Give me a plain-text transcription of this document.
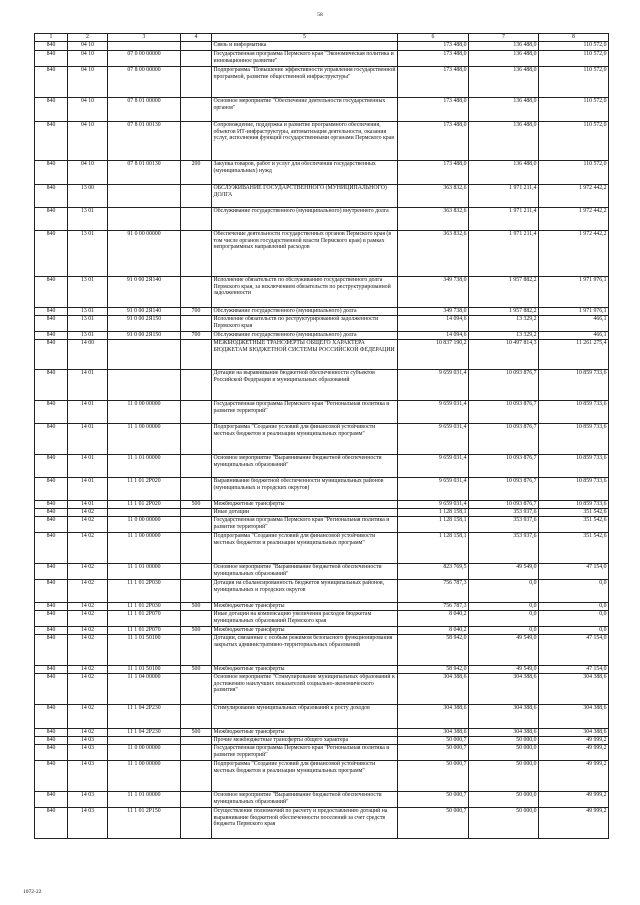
58
1	2	3	4	5	6	7	8
840	04 10			Связь и информатика	173 488,0	136 488,0	110 572,0
840	04 10	07 0 00 00000		Государственная программа Пермского края "Экономическая политика и инновационное развитие"	173 488,0	136 488,0	110 572,0
840	04 10	07 8 00 00000		Подпрограмма "Повышение эффективности управления государственной программой, развитие общественной инфраструктуры"	173 488,0	136 488,0	110 572,0
840	04 10	07 8 01 00000		Основное мероприятие "Обеспечение деятельности государственных органов"	173 488,0	136 488,0	110 572,0
840	04 10	07 8 01 00130		Сопровождение, поддержка и развитие программного обеспечения, объектов ИТ-инфраструктуры, автоматизация деятельности, оказания услуг, исполнения функций государственными органами Пермского края	173 488,0	136 488,0	110 572,0
840	04 10	07 8 01 00130	200	Закупка товаров, работ и услуг для обеспечения государственных (муниципальных) нужд	173 488,0	136 488,0	110 572,0
840	13 00			ОБСЛУЖИВАНИЕ ГОСУДАРСТВЕННОГО (МУНИЦИПАЛЬНОГО) ДОЛГА	363 832,6	1 971 211,4	1 972 442,2
840	13 01			Обслуживание государственного (муниципального) внутреннего долга	363 832,6	1 971 211,4	1 972 442,2
840	13 01	91 0 00 00000		Обеспечение деятельности государственных органов Пермского края (в том числе органов государственной власти Пермского края) в рамках непрограммных направлений расходов	363 832,6	1 971 211,4	1 972 442,2
840	13 01	91 0 00 2Я140		Исполнение обязательств по обслуживанию государственного долга Пермского края, за исключением обязательств по реструктурированной задолженности	349 738,0	1 957 882,2	1 971 976,1
840	13 01	91 0 00 2Я140	700	Обслуживание государственного (муниципального) долга	349 738,0	1 957 882,2	1 971 976,1
840	13 01	91 0 00 2Я150		Исполнение обязательств по реструктурированной задолженности Пермского края	14 094,6	13 329,2	466,1
840	13 01	91 0 00 2Я150	700	Обслуживание государственного (муниципального) долга	14 094,6	13 329,2	466,1
840	14 00			МЕЖБЮДЖЕТНЫЕ ТРАНСФЕРТЫ ОБЩЕГО ХАРАКТЕРА БЮДЖЕТАМ БЮДЖЕТНОЙ СИСТЕМЫ РОССИЙСКОЙ ФЕДЕРАЦИИ	10 837 190,2	10 497 814,3	11 261 275,4
840	14 01			Дотации на выравнивание бюджетной обеспеченности субъектов Российской Федерации и муниципальных образований	9 659 031,4	10 093 876,7	10 859 733,6
840	14 01	11 0 00 00000		Государственная программа Пермского края "Региональная политика и развитие территорий"	9 659 031,4	10 093 876,7	10 859 733,6
840	14 01	11 1 00 00000		Подпрограмма "Создание условий для финансовой устойчивости местных бюджетов и реализации муниципальных программ"	9 659 031,4	10 093 876,7	10 859 733,6
840	14 01	11 1 01 00000		Основное мероприятие "Выравнивание бюджетной обеспеченности муниципальных образований"	9 659 031,4	10 093 876,7	10 859 733,6
840	14 01	11 1 01 2Р020		Выравнивание бюджетной обеспеченности муниципальных районов (муниципальных и городских округов)	9 659 031,4	10 093 876,7	10 859 733,6
840	14 01	11 1 01 2Р020	500	Межбюджетные трансферты	9 659 031,4	10 093 876,7	10 859 733,6
840	14 02			Иные дотации	1 128 158,1	353 937,6	351 542,6
840	14 02	11 0 00 00000		Государственная программа Пермского края "Региональная политика и развитие территорий"	1 128 158,1	353 937,6	351 542,6
840	14 02	11 1 00 00000		Подпрограмма "Создание условий для финансовой устойчивости местных бюджетов и реализации муниципальных программ"	1 128 158,1	353 937,6	351 542,6
840	14 02	11 1 01 00000		Основное мероприятие "Выравнивание бюджетной обеспеченности муниципальных образований"	823 769,5	49 549,0	47 154,0
840	14 02	11 1 01 2Р030		Дотация на сбалансированность бюджетов муниципальных районов, муниципальных и городских округов	756 787,3	0,0	0,0
840	14 02	11 1 01 2Р030	500	Межбюджетные трансферты	756 787,3	0,0	0,0
840	14 02	11 1 01 2Р070		Иные дотации на компенсацию увеличения расходов бюджетам муниципальных образований Пермского края	8 040,2	0,0	0,0
840	14 02	11 1 01 2Р070	500	Межбюджетные трансферты	8 040,2	0,0	0,0
840	14 02	11 1 01 50100		Дотации, связанные с особым режимом безопасного функционирования закрытых административно-территориальных образований	58 942,0	49 549,0	47 154,0
840	14 02	11 1 01 50100	500	Межбюджетные трансферты	58 942,0	49 549,0	47 154,0
840	14 02	11 1 04 00000		Основное мероприятие "Стимулирование муниципальных образований к достижению наилучших показателей социально-экономического развития"	304 388,6	304 388,6	304 388,6
840	14 02	11 1 04 2Р230		Стимулирование муниципальных образований к росту доходов	304 388,6	304 388,6	304 388,6
840	14 02	11 1 04 2Р230	500	Межбюджетные трансферты	304 388,6	304 388,6	304 388,6
840	14 03			Прочие межбюджетные трансферты общего характера	50 000,7	50 000,0	49 999,2
840	14 03	11 0 00 00000		Государственная программа Пермского края "Региональная политика и развитие территорий"	50 000,7	50 000,0	49 999,2
840	14 03	11 1 00 00000		Подпрограмма "Создание условий для финансовой устойчивости местных бюджетов и реализации муниципальных программ"	50 000,7	50 000,0	49 999,2
840	14 03	11 1 01 00000		Основное мероприятие "Выравнивание бюджетной обеспеченности муниципальных образований"	50 000,7	50 000,0	49 999,2
840	14 03	11 1 01 2Р150		Осуществление полномочий по расчету и предоставлению дотаций на выравнивание бюджетной обеспеченности поселений за счет средств бюджета Пермского края	50 000,7	50 000,0	49 999,2
1072-22
